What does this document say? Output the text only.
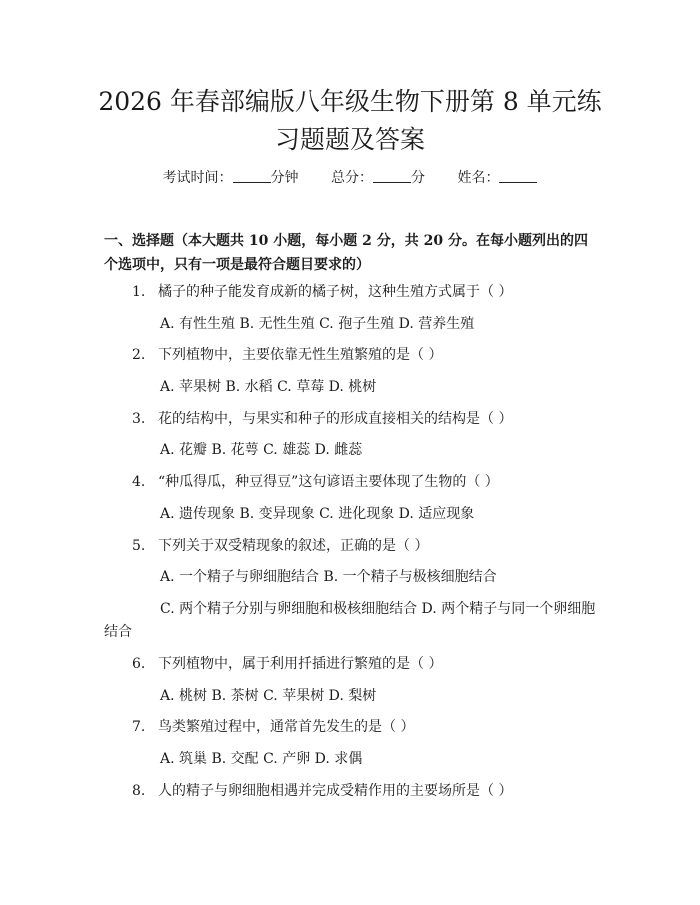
2026 年春部编版八年级生物下册第 8 单元练
习题题及答案
考试时间：	分钟 总分：	分 姓名：
一、选择题（本大题共 10 小题，每小题 2 分，共 20 分。在每小题列出的四个选项中，只有一项是最符合题目要求的）
1. 橘子的种子能发育成新的橘子树，这种生殖方式属于（ ）
A. 有性生殖 B. 无性生殖 C. 孢子生殖 D. 营养生殖
2. 下列植物中，主要依靠无性生殖繁殖的是（ ）
A. 苹果树 B. 水稻 C. 草莓 D. 桃树
3. 花的结构中，与果实和种子的形成直接相关的结构是（ ）
A. 花瓣 B. 花萼 C. 雄蕊 D. 雌蕊
4. “种瓜得瓜，种豆得豆”这句谚语主要体现了生物的（ ）
A. 遗传现象 B. 变异现象 C. 进化现象 D. 适应现象
5. 下列关于双受精现象的叙述，正确的是（ ）
A. 一个精子与卵细胞结合 B. 一个精子与极核细胞结合
C. 两个精子分别与卵细胞和极核细胞结合 D. 两个精子与同一个卵细胞
结合
6. 下列植物中，属于利用扦插进行繁殖的是（ ）
A. 桃树 B. 茶树 C. 苹果树 D. 梨树
7. 鸟类繁殖过程中，通常首先发生的是（ ）
A. 筑巢 B. 交配 C. 产卵 D. 求偶
8. 人的精子与卵细胞相遇并完成受精作用的主要场所是（ ）
